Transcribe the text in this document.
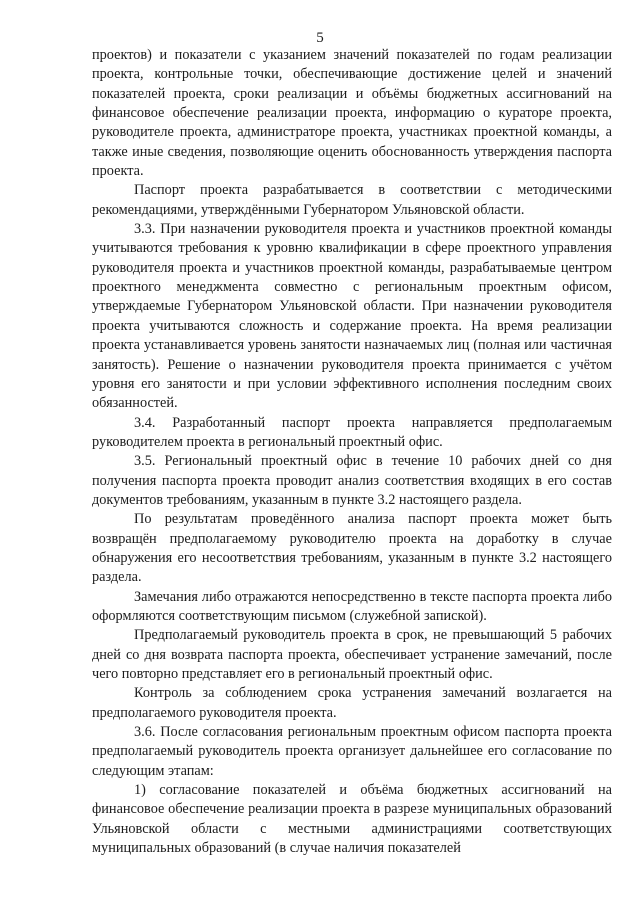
5

проектов) и показатели с указанием значений показателей по годам реализации проекта, контрольные точки, обеспечивающие достижение целей и значений показателей проекта, сроки реализации и объёмы бюджетных ассигнований на финансовое обеспечение реализации проекта, информацию о кураторе проекта, руководителе проекта, администраторе проекта, участниках проектной команды, а также иные сведения, позволяющие оценить обоснованность утверждения паспорта проекта.

Паспорт проекта разрабатывается в соответствии с методическими рекомендациями, утверждёнными Губернатором Ульяновской области.

3.3. При назначении руководителя проекта и участников проектной команды учитываются требования к уровню квалификации в сфере проектного управления руководителя проекта и участников проектной команды, разрабатываемые центром проектного менеджмента совместно с региональным проектным офисом, утверждаемые Губернатором Ульяновской области. При назначении руководителя проекта учитываются сложность и содержание проекта. На время реализации проекта устанавливается уровень занятости назначаемых лиц (полная или частичная занятость). Решение о назначении руководителя проекта принимается с учётом уровня его занятости и при условии эффективного исполнения последним своих обязанностей.

3.4. Разработанный паспорт проекта направляется предполагаемым руководителем проекта в региональный проектный офис.

3.5. Региональный проектный офис в течение 10 рабочих дней со дня получения паспорта проекта проводит анализ соответствия входящих в его состав документов требованиям, указанным в пункте 3.2 настоящего раздела.

По результатам проведённого анализа паспорт проекта может быть возвращён предполагаемому руководителю проекта на доработку в случае обнаружения его несоответствия требованиям, указанным в пункте 3.2 настоящего раздела.

Замечания либо отражаются непосредственно в тексте паспорта проекта либо оформляются соответствующим письмом (служебной запиской).

Предполагаемый руководитель проекта в срок, не превышающий 5 рабочих дней со дня возврата паспорта проекта, обеспечивает устранение замечаний, после чего повторно представляет его в региональный проектный офис.

Контроль за соблюдением срока устранения замечаний возлагается на предполагаемого руководителя проекта.

3.6. После согласования региональным проектным офисом паспорта проекта предполагаемый руководитель проекта организует дальнейшее его согласование по следующим этапам:

1) согласование показателей и объёма бюджетных ассигнований на финансовое обеспечение реализации проекта в разрезе муниципальных образований Ульяновской области с местными администрациями соответствующих муниципальных образований (в случае наличия показателей
